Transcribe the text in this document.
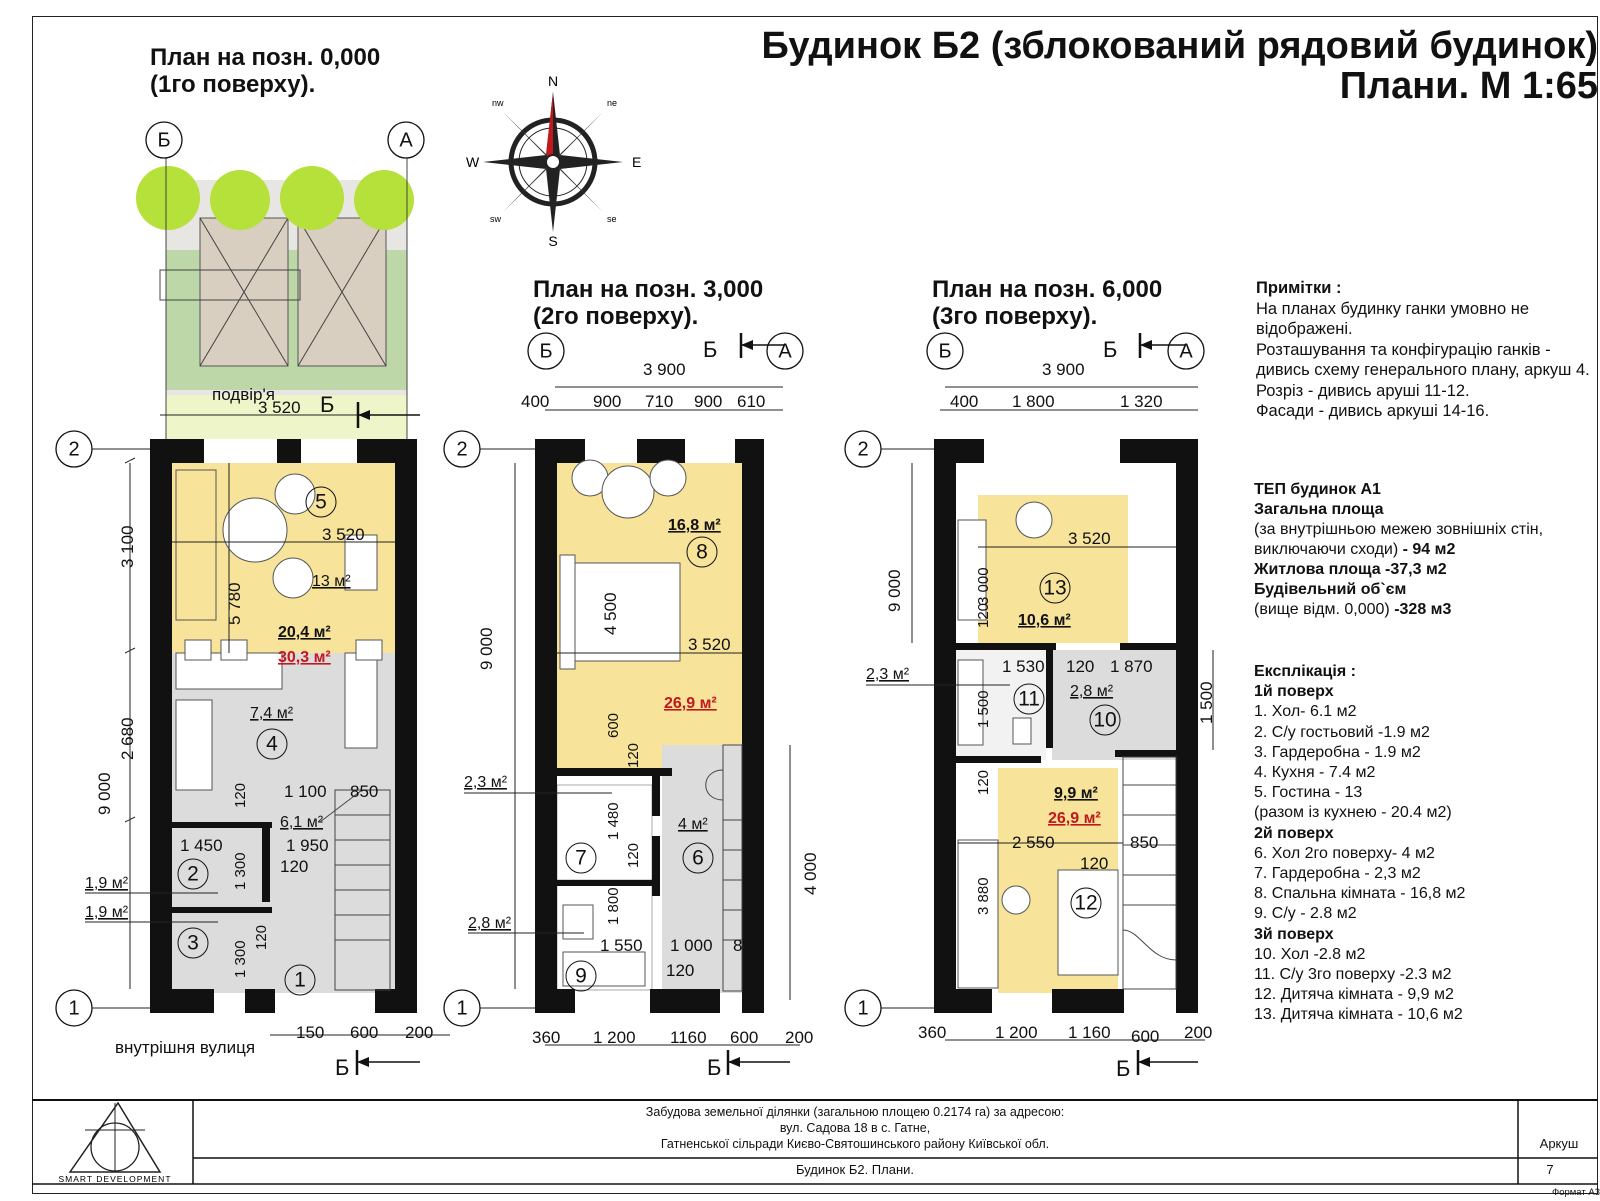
Будинок Б2 (зблокований рядовий будинок)
Плани. М 1:65
План на позн. 0,000
(1го поверху).
План на позн. 3,000
(2го поверху).
План на позн. 6,000
(3го поверху).
N
S
E
W
nw	ne
sw	se
подвір'я
3 520
3 100
9 000
2 680
5 780
3 520
1 100 850
120
1 450	1 950
120
1 300
1 300
120
150 600 200
внутрішня вулиця
5
4
2
3
1
13 м²
20,4 м²
30,3 м²
7,4 м²
6,1 м²
1,9 м²
1,9 м²
3 900
400	900 710 900 610
9 000
4 500
3 520
600
120
1 480
120
1 800
1 550 1 000 850
120
4 000
360 1 200 1160 600 200
8
7	6
9
16,8 м²
26,9 м²
4 м²
2,3 м²
2,8 м²
3 900
400 1 800	1 320
9 000	3 000
120
3 520
1 530 120 1 870
1 500	1 500
120
2 550	850
120
3 880
360	1 200 1 160 600 200
13
11
10
12
10,6 м²
2,3 м²
2,8 м²
9,9 м²
26,9 м²
Б	А
2
1
Б	А
2
1
Б	А
2
1
Б
Б
Б
Б
Б
Б
SMART DEVELOPMENT
Примітки :
На планах будинку ганки умовно не відображені.
Розташування та конфігурацію ганків - дивись схему генерального плану, аркуш 4.
Розріз - дивись аруші 11-12.
Фасади - дивись аркуші 14-16.
ТЕП будинок А1
Загальна площа
(за внутрішньою межею зовнішніх стін, виключаючи сходи) - 94 м2
Житлова площа -37,3 м2
Будівельний об`єм
(вище відм. 0,000) -328 м3
Експлікація :
1й поверх
1. Хол- 6.1 м2
2. С/у гостьовий -1.9 м2
3. Гардеробна - 1.9 м2
4. Кухня - 7.4 м2
5. Гостина - 13
(разом із кухнею - 20.4 м2)
2й поверх
6. Хол 2го поверху- 4 м2
7. Гардеробна - 2,3 м2
8. Спальна кімната - 16,8 м2
9. С/у - 2.8 м2
3й поверх
10. Хол -2.8 м2
11. С/у 3го поверху -2.3 м2
12. Дитяча кімната - 9,9 м2
13. Дитяча кімната - 10,6 м2
Забудова земельної ділянки (загальною площею 0.2174 га) за адресою:
вул. Садова 18 в с. Гатне,
Гатненської сільради Києво-Святошинського району Київської обл.
Будинок Б2. Плани.
Аркуш
7
Формат А3
